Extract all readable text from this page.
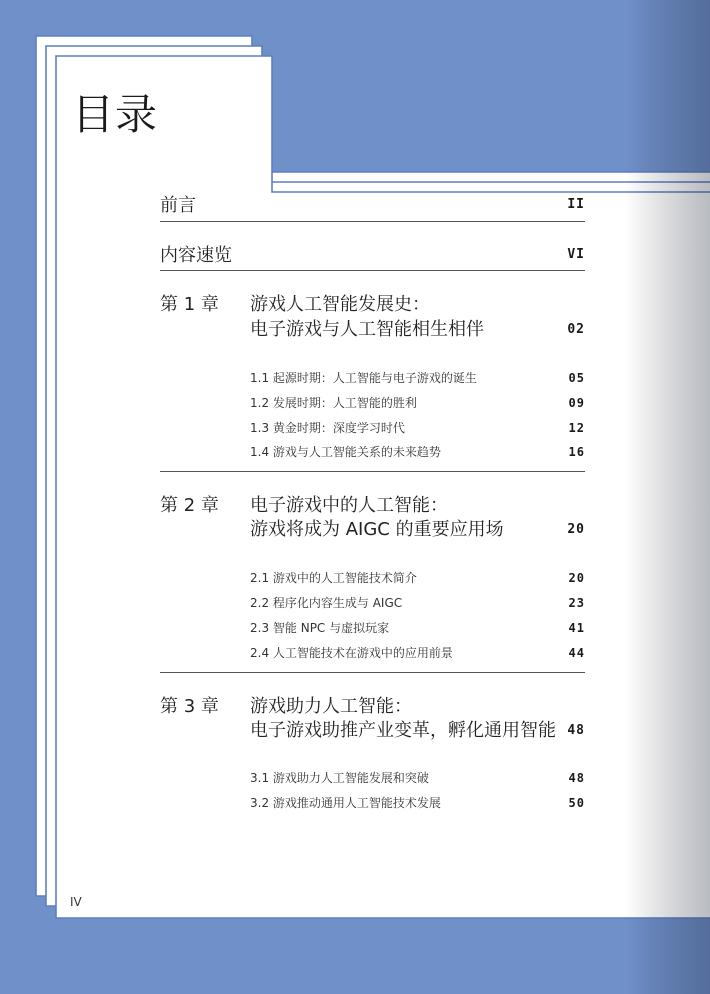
目录
前言	II
内容速览	VI
第 1 章 游戏人工智能发展史：
电子游戏与人工智能相生相伴	02
1.1 起源时期：人工智能与电子游戏的诞生	05
1.2 发展时期：人工智能的胜利	09
1.3 黄金时期：深度学习时代	12
1.4 游戏与人工智能关系的未来趋势	16
第 2 章 电子游戏中的人工智能：
游戏将成为 AIGC 的重要应用场	20
2.1 游戏中的人工智能技术简介	20
2.2 程序化内容生成与 AIGC	23
2.3 智能 NPC 与虚拟玩家	41
2.4 人工智能技术在游戏中的应用前景	44
第 3 章 游戏助力人工智能：
电子游戏助推产业变革，孵化通用智能 48
3.1 游戏助力人工智能发展和突破	48
3.2 游戏推动通用人工智能技术发展	50
IV
